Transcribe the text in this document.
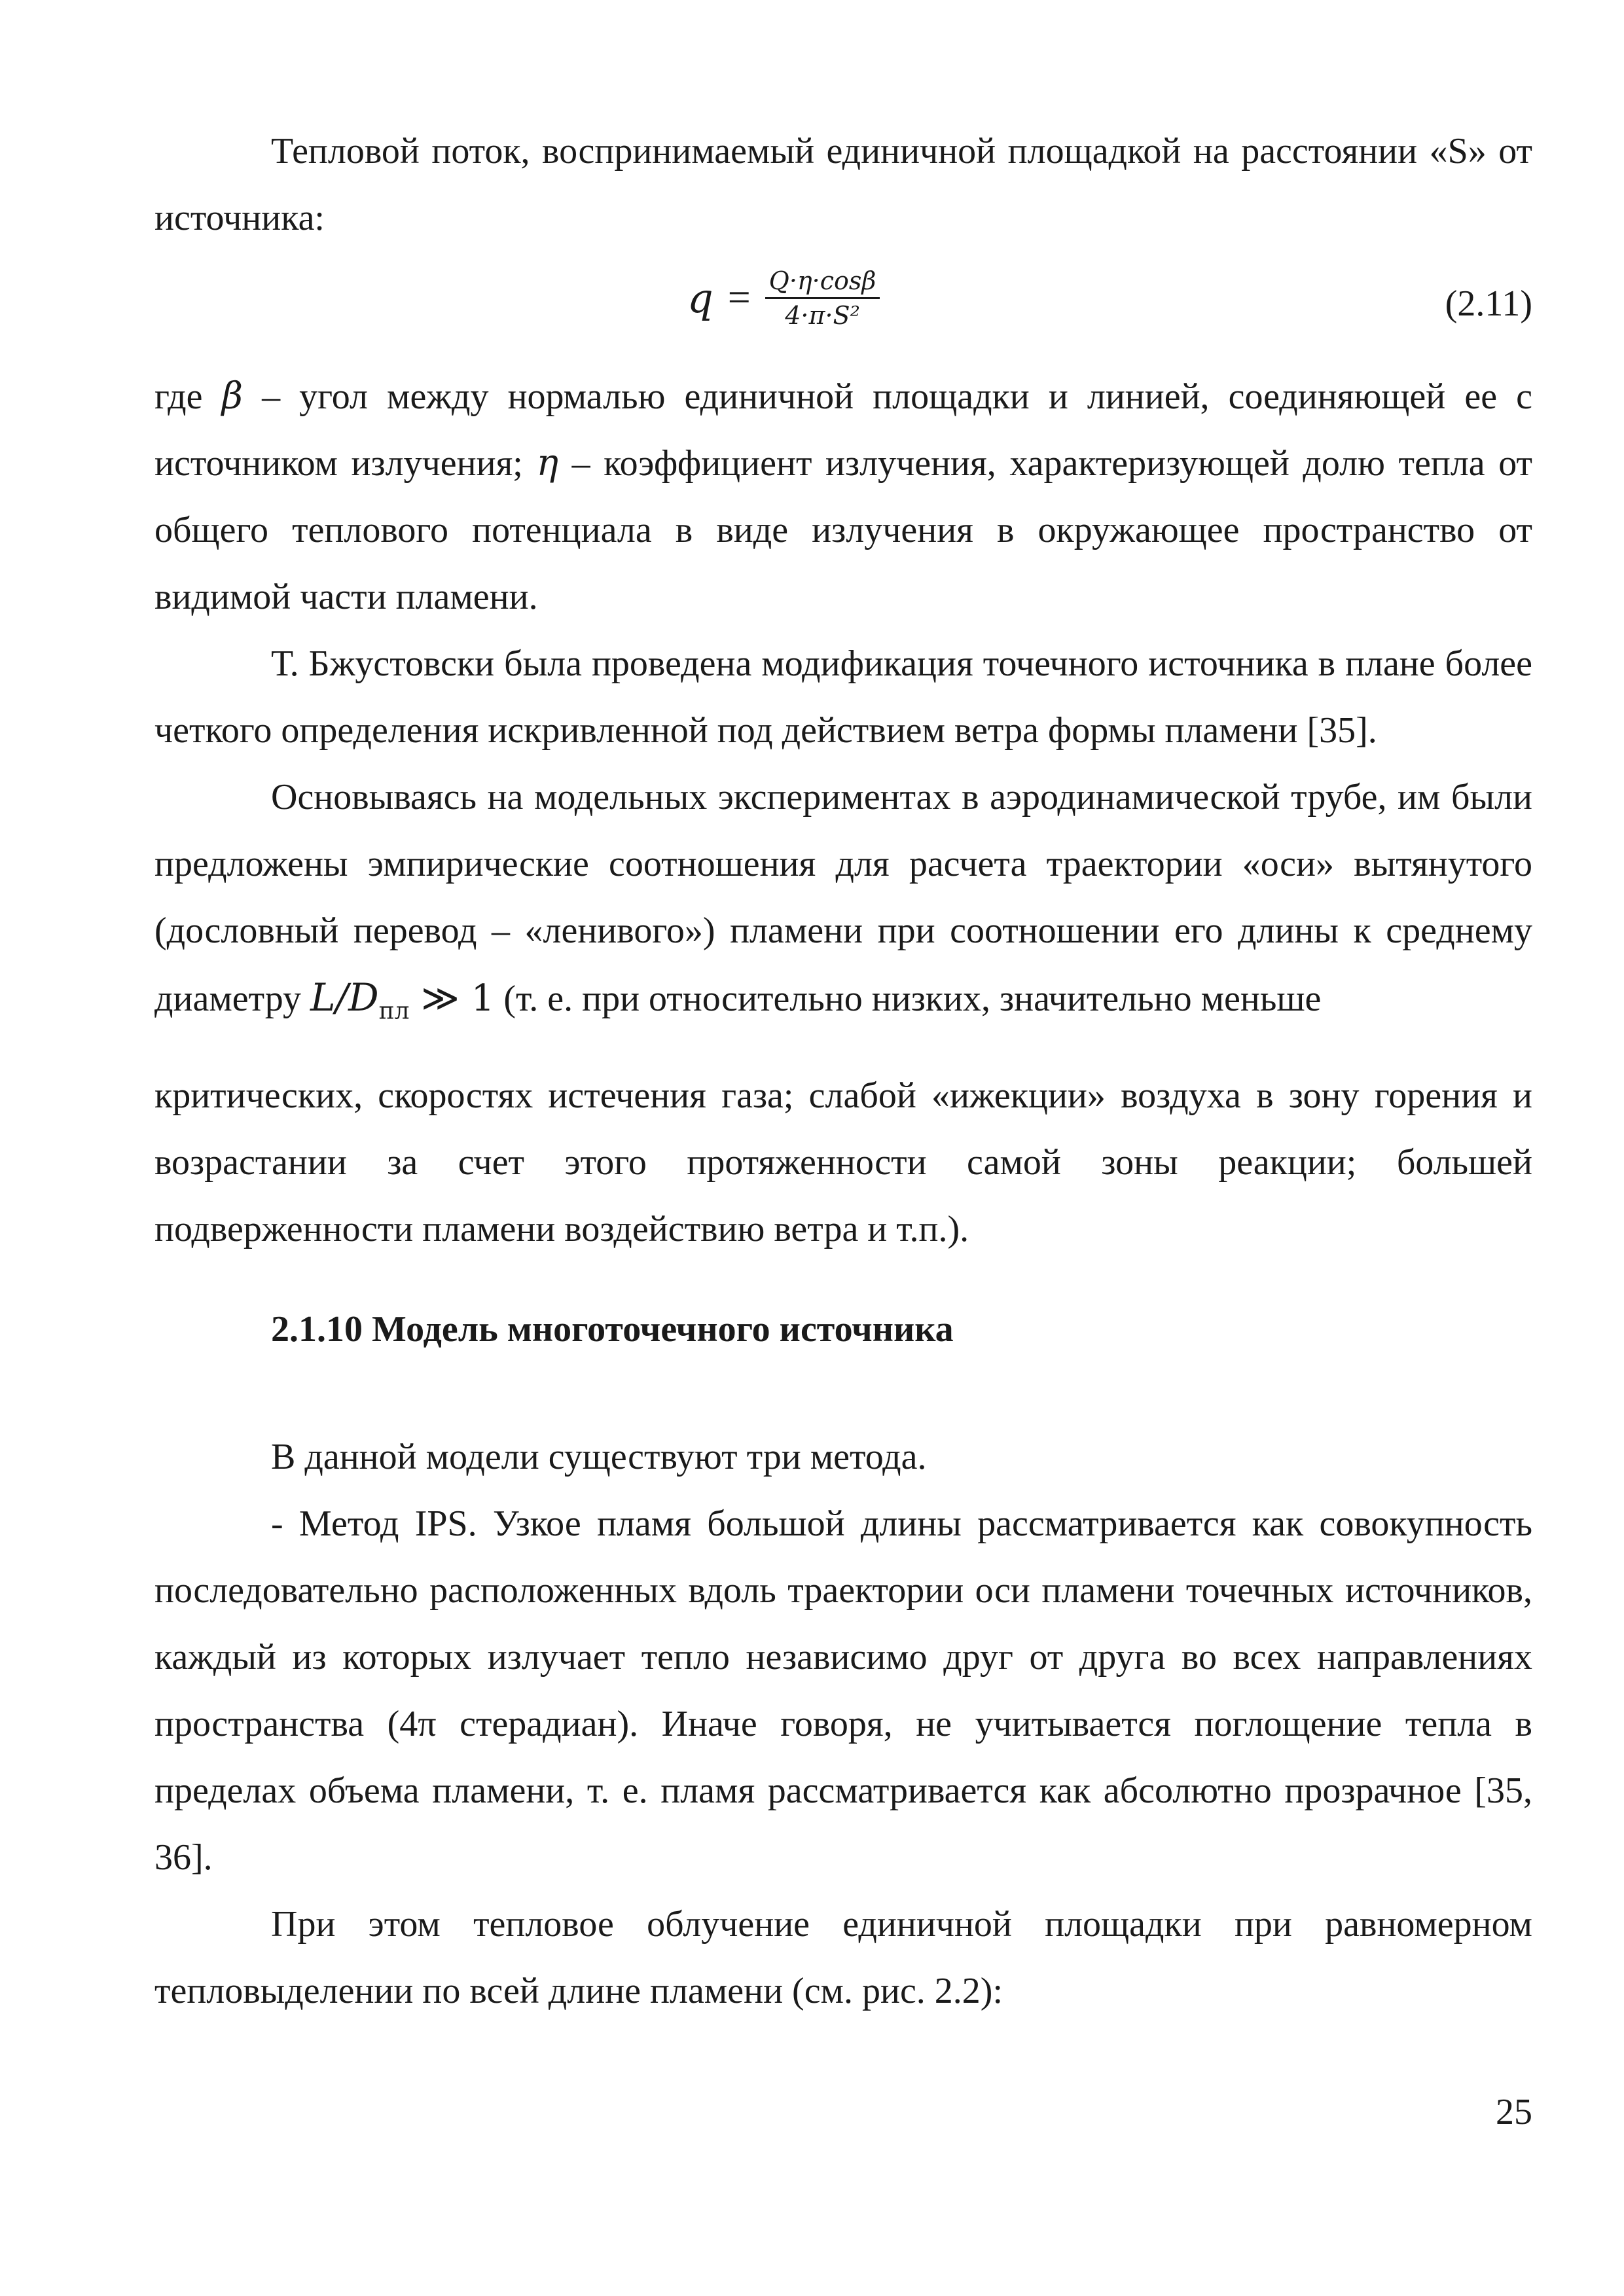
Тепловой поток, воспринимаемый единичной площадкой на расстоянии «S» от источника:

$q = \frac{Q\cdot\eta\cdot\cos\beta}{\text{4·π·S²}}$	(2.11)

где β – угол между нормалью единичной площадки и линией, соединяющей ее с источником излучения; η – коэффициент излучения, характеризующей долю тепла от общего теплового потенциала в виде излучения в окружающее пространство от видимой части пламени.

Т. Бжустовски была проведена модификация точечного источника в плане более четкого определения искривленной под действием ветра формы пламени [35].

Основываясь на модельных экспериментах в аэродинамической трубе, им были предложены эмпирические соотношения для расчета траектории «оси» вытянутого (дословный перевод – «ленивого») пламени при соотношении его длины к среднему диаметру $L/D_{пл}$ ≫ 1 (т. е. при относительно низких, значительно меньше

критических, скоростях истечения газа; слабой «ижекции» воздуха в зону горения и возрастании за счет этого протяженности самой зоны реакции; большей подверженности пламени воздействию ветра и т.п.).

2.1.10 Модель многоточечного источника

В данной модели существуют три метода.

- Метод IPS. Узкое пламя большой длины рассматривается как совокупность последовательно расположенных вдоль траектории оси пламени точечных источников, каждый из которых излучает тепло независимо друг от друга во всех направлениях пространства (4π стерадиан). Иначе говоря, не учитывается поглощение тепла в пределах объема пламени, т. е. пламя рассматривается как абсолютно прозрачное [35, 36].

При этом тепловое облучение единичной площадки при равномерном тепловыделении по всей длине пламени (см. рис. 2.2):

25
